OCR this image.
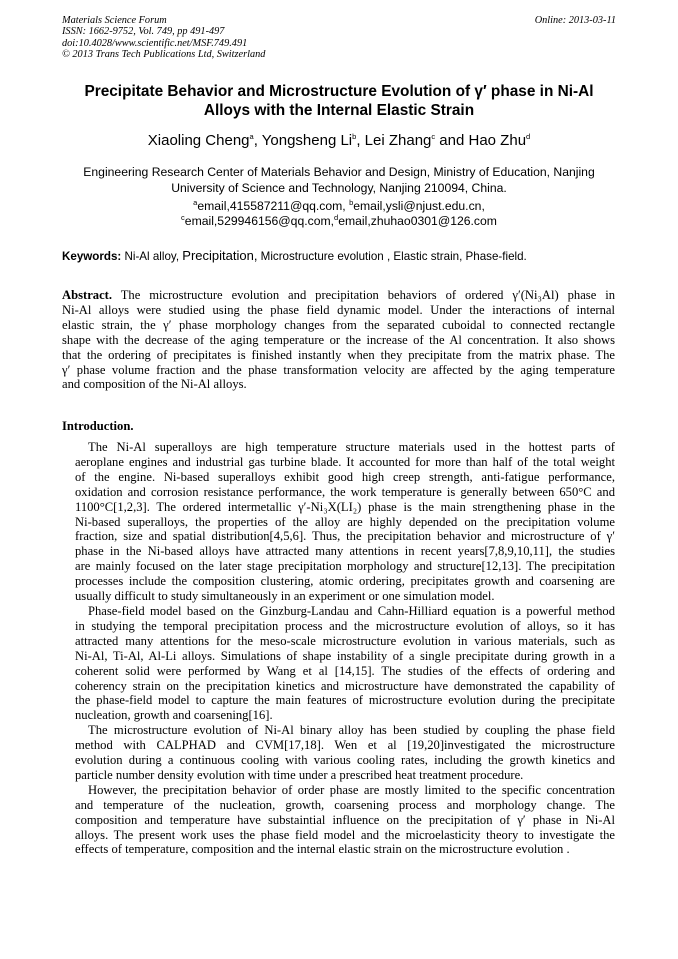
Materials Science Forum
ISSN: 1662-9752, Vol. 749, pp 491-497
doi:10.4028/www.scientific.net/MSF.749.491
© 2013 Trans Tech Publications Ltd, Switzerland
Online: 2013-03-11
Precipitate Behavior and Microstructure Evolution of γ′ phase in Ni-Al
Alloys with the Internal Elastic Strain
Xiaoling Cheng$^a$, Yongsheng Li$^b$, Lei Zhang$^c$ and Hao Zhu$^d$
Engineering Research Center of Materials Behavior and Design, Ministry of Education, Nanjing
University of Science and Technology, Nanjing 210094, China.
$^a$email,415587211@qq.com, $^b$email,ysli@njust.edu.cn,
$^c$email,529946156@qq.com,$^d$email,zhuhao0301@126.com
Keywords: Ni-Al alloy, Precipitation, Microstructure evolution , Elastic strain, Phase-field.
Abstract. The microstructure evolution and precipitation behaviors of ordered γ′(Ni₃Al) phase in
Ni-Al alloys were studied using the phase field dynamic model. Under the interactions of internal
elastic strain, the γ′ phase morphology changes from the separated cuboidal to connected rectangle
shape with the decrease of the aging temperature or the increase of the Al concentration. It also shows
that the ordering of precipitates is finished instantly when they precipitate from the matrix phase. The
γ′ phase volume fraction and the phase transformation velocity are affected by the aging temperature
and composition of the Ni-Al alloys.
Introduction.
The Ni-Al superalloys are high temperature structure materials used in the hottest parts of
aeroplane engines and industrial gas turbine blade. It accounted for more than half of the total weight
of the engine. Ni-based superalloys exhibit good high creep strength, anti-fatigue performance,
oxidation and corrosion resistance performance, the work temperature is generally between 650°C and
1100°C[1,2,3]. The ordered intermetallic γ′-Ni₃X(LI₂) phase is the main strengthening phase in the
Ni-based superalloys, the properties of the alloy are highly depended on the precipitation volume
fraction, size and spatial distribution[4,5,6]. Thus, the precipitation behavior and microstructure of γ′
phase in the Ni-based alloys have attracted many attentions in recent years[7,8,9,10,11], the studies
are mainly focused on the later stage precipitation morphology and structure[12,13]. The precipitation
processes include the composition clustering, atomic ordering, precipitates growth and coarsening are
usually difficult to study simultaneously in an experiment or one simulation model.
Phase-field model based on the Ginzburg-Landau and Cahn-Hilliard equation is a powerful method
in studying the temporal precipitation process and the microstructure evolution of alloys, so it has
attracted many attentions for the meso-scale microstructure evolution in various materials, such as
Ni-Al, Ti-Al, Al-Li alloys. Simulations of shape instability of a single precipitate during growth in a
coherent solid were performed by Wang et al [14,15]. The studies of the effects of ordering and
coherency strain on the precipitation kinetics and microstructure have demonstrated the capability of
the phase-field model to capture the main features of microstructure evolution during the precipitate
nucleation, growth and coarsening[16].
The microstructure evolution of Ni-Al binary alloy has been studied by coupling the phase field
method with CALPHAD and CVM[17,18]. Wen et al [19,20]investigated the microstructure
evolution during a continuous cooling with various cooling rates, including the growth kinetics and
particle number density evolution with time under a prescribed heat treatment procedure.
However, the precipitation behavior of order phase are mostly limited to the specific concentration
and temperature of the nucleation, growth, coarsening process and morphology change. The
composition and temperature have substaintial influence on the precipitation of γ′ phase in Ni-Al
alloys. The present work uses the phase field model and the microelasticity theory to investigate the
effects of temperature, composition and the internal elastic strain on the microstructure evolution .
